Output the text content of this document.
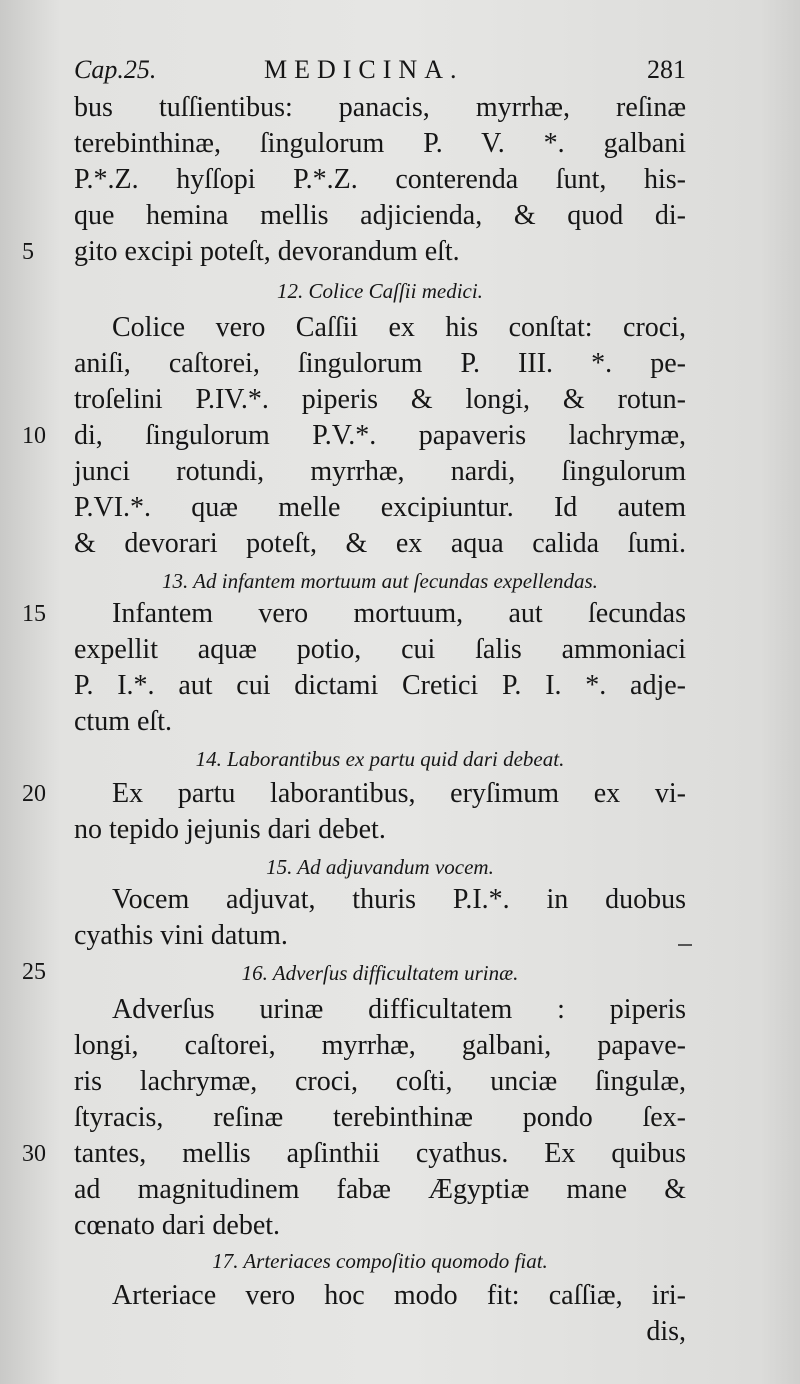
Cap.25.	MEDICINA.	281
bus tuſſientibus: panacis, myrrhæ, reſinæ
terebinthinæ, ſingulorum P. V. *. galbani
P.*.Z. hyſſopi P.*.Z. conterenda ſunt, his-
que hemina mellis adjicienda, & quod di-
5	gito excipi poteſt, devorandum eſt.
12. Colice Caſſii medici.
Colice vero Caſſii ex his conſtat: croci,
aniſi, caſtorei, ſingulorum P. III. *. pe-
troſelini P.IV.*. piperis & longi, & rotun-
10	di, ſingulorum P.V.*. papaveris lachrymæ,
junci rotundi, myrrhæ, nardi, ſingulorum
P.VI.*. quæ melle excipiuntur. Id autem
& devorari poteſt, & ex aqua calida ſumi.
13. Ad infantem mortuum aut ſecundas expellendas.
15	Infantem vero mortuum, aut ſecundas
expellit aquæ potio, cui ſalis ammoniaci
P. I.*. aut cui dictami Cretici P. I. *. adje-
ctum eſt.
14. Laborantibus ex partu quid dari debeat.
20	Ex partu laborantibus, eryſimum ex vi-
no tepido jejunis dari debet.
15. Ad adjuvandum vocem.
Vocem adjuvat, thuris P.I.*. in duobus
cyathis vini datum.
25	16. Adverſus difficultatem urinæ.
Adverſus urinæ difficultatem : piperis
longi, caſtorei, myrrhæ, galbani, papave-
ris lachrymæ, croci, coſti, unciæ ſingulæ,
ſtyracis, reſinæ terebinthinæ pondo ſex-
30	tantes, mellis apſinthii cyathus. Ex quibus
ad magnitudinem fabæ Ægyptiæ mane &
cœnato dari debet.
17. Arteriaces compoſitio quomodo fiat.
Arteriace vero hoc modo fit: caſſiæ, iri-
dis,
